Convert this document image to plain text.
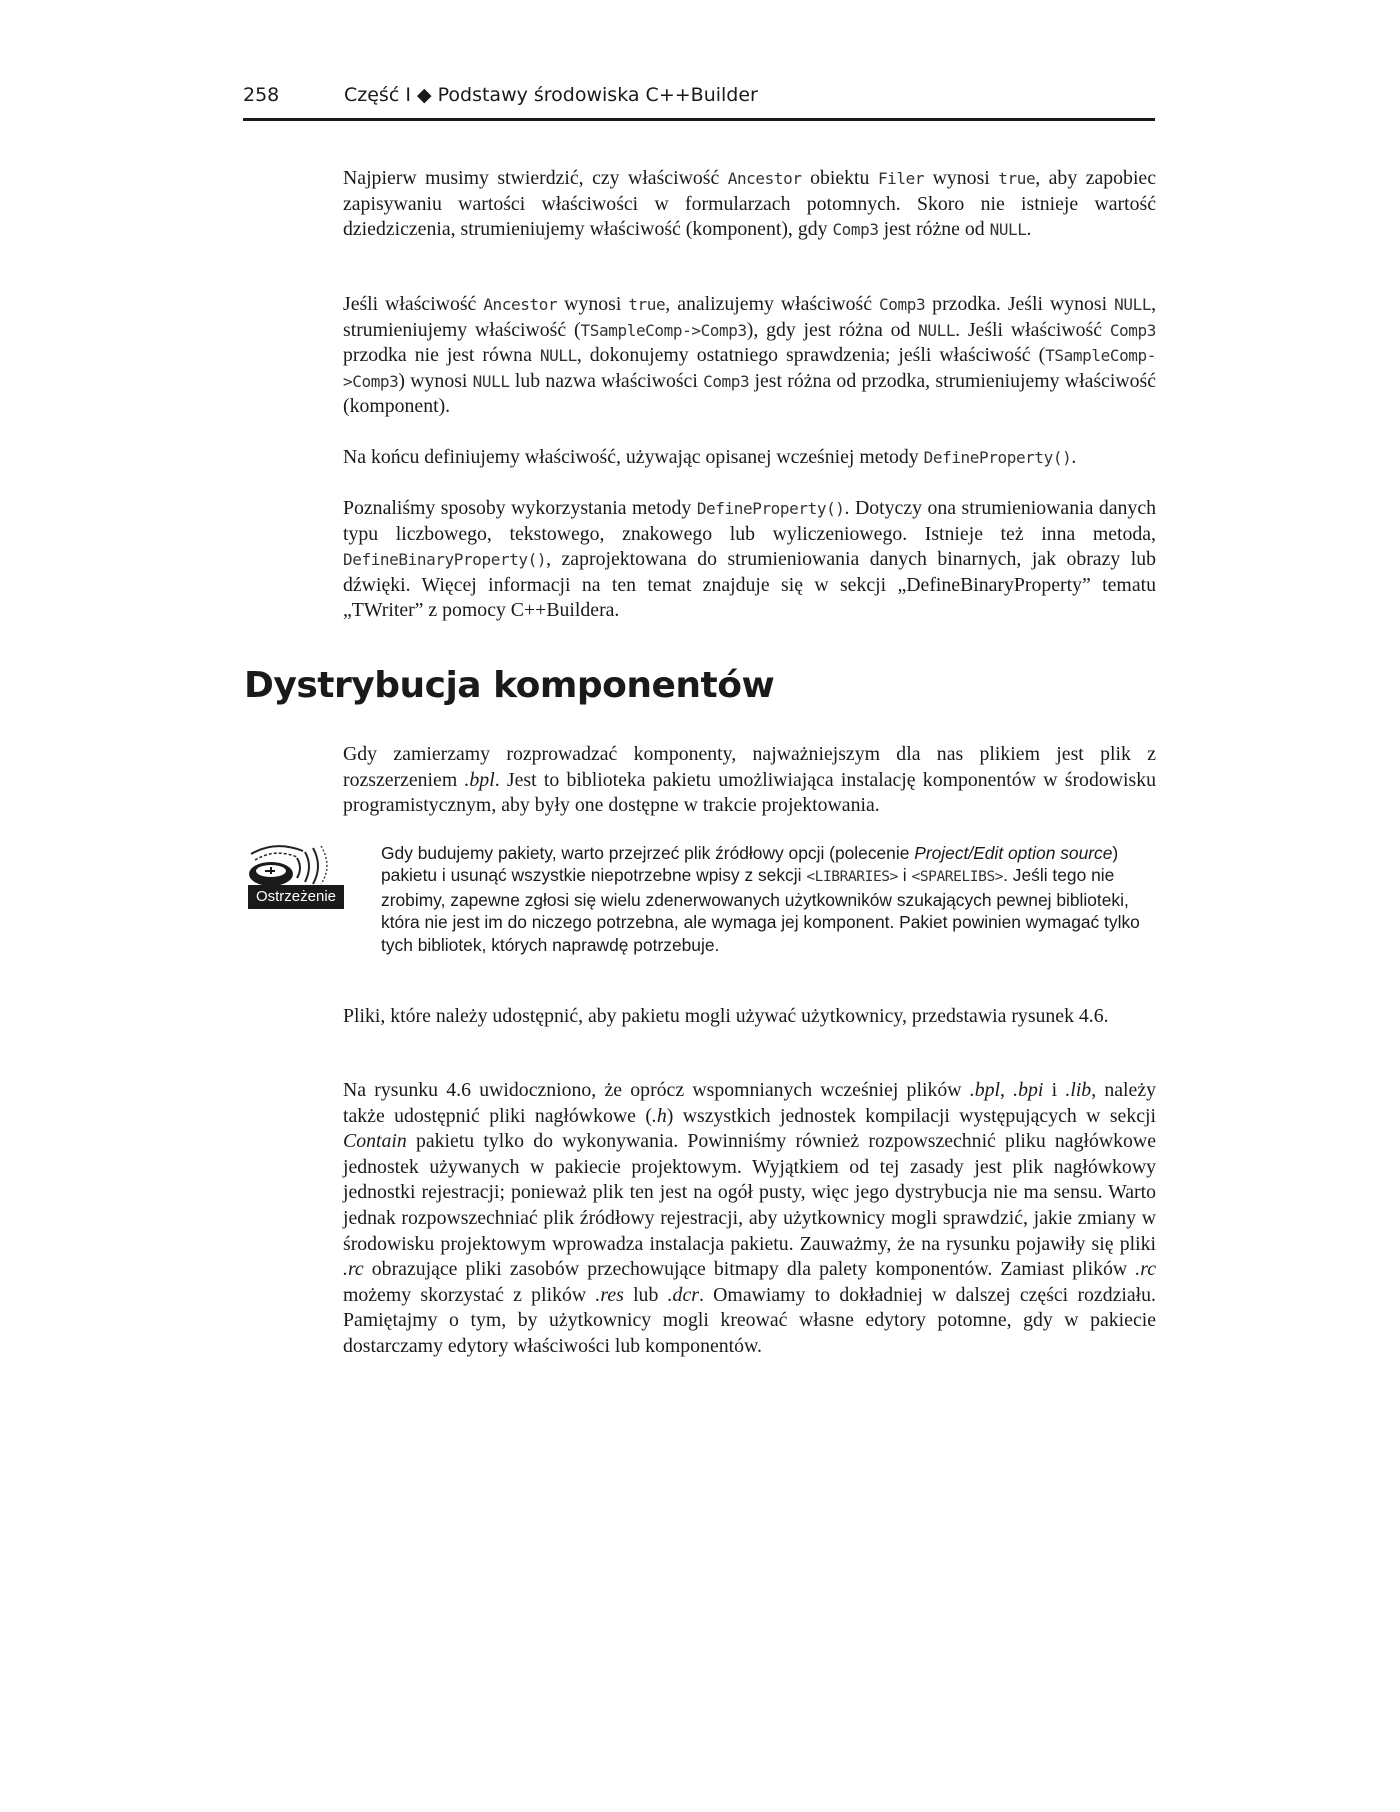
258	Część I ◆ Podstawy środowiska C++Builder

Najpierw musimy stwierdzić, czy właściwość Ancestor obiektu Filer wynosi true, aby zapobiec zapisywaniu wartości właściwości w formularzach potomnych. Skoro nie istnieje wartość dziedziczenia, strumieniujemy właściwość (komponent), gdy Comp3 jest różne od NULL.

Jeśli właściwość Ancestor wynosi true, analizujemy właściwość Comp3 przodka. Jeśli wynosi NULL, strumieniujemy właściwość (TSampleComp->Comp3), gdy jest różna od NULL. Jeśli właściwość Comp3 przodka nie jest równa NULL, dokonujemy ostatniego sprawdzenia; jeśli właściwość (TSampleComp->Comp3) wynosi NULL lub nazwa właściwości Comp3 jest różna od przodka, strumieniujemy właściwość (komponent).

Na końcu definiujemy właściwość, używając opisanej wcześniej metody DefineProperty().

Poznaliśmy sposoby wykorzystania metody DefineProperty(). Dotyczy ona strumieniowania danych typu liczbowego, tekstowego, znakowego lub wyliczeniowego. Istnieje też inna metoda, DefineBinaryProperty(), zaprojektowana do strumieniowania danych binarnych, jak obrazy lub dźwięki. Więcej informacji na ten temat znajduje się w sekcji „DefineBinaryProperty” tematu „TWriter” z pomocy C++Buildera.

Dystrybucja komponentów

Gdy zamierzamy rozprowadzać komponenty, najważniejszym dla nas plikiem jest plik z rozszerzeniem .bpl. Jest to biblioteka pakietu umożliwiająca instalację komponentów w środowisku programistycznym, aby były one dostępne w trakcie projektowania.

Ostrzeżenie

Gdy budujemy pakiety, warto przejrzeć plik źródłowy opcji (polecenie Project/Edit option source) pakietu i usunąć wszystkie niepotrzebne wpisy z sekcji <LIBRARIES> i <SPARELIBS>. Jeśli tego nie zrobimy, zapewne zgłosi się wielu zdenerwowanych użytkowników szukających pewnej biblioteki, która nie jest im do niczego potrzebna, ale wymaga jej komponent. Pakiet powinien wymagać tylko tych bibliotek, których naprawdę potrzebuje.

Pliki, które należy udostępnić, aby pakietu mogli używać użytkownicy, przedstawia rysunek 4.6.

Na rysunku 4.6 uwidoczniono, że oprócz wspomnianych wcześniej plików .bpl, .bpi i .lib, należy także udostępnić pliki nagłówkowe (.h) wszystkich jednostek kompilacji występujących w sekcji Contain pakietu tylko do wykonywania. Powinniśmy również rozpowszechnić pliku nagłówkowe jednostek używanych w pakiecie projektowym. Wyjątkiem od tej zasady jest plik nagłówkowy jednostki rejestracji; ponieważ plik ten jest na ogół pusty, więc jego dystrybucja nie ma sensu. Warto jednak rozpowszechniać plik źródłowy rejestracji, aby użytkownicy mogli sprawdzić, jakie zmiany w środowisku projektowym wprowadza instalacja pakietu. Zauważmy, że na rysunku pojawiły się pliki .rc obrazujące pliki zasobów przechowujące bitmapy dla palety komponentów. Zamiast plików .rc możemy skorzystać z plików .res lub .dcr. Omawiamy to dokładniej w dalszej części rozdziału. Pamiętajmy o tym, by użytkownicy mogli kreować własne edytory potomne, gdy w pakiecie dostarczamy edytory właściwości lub komponentów.
